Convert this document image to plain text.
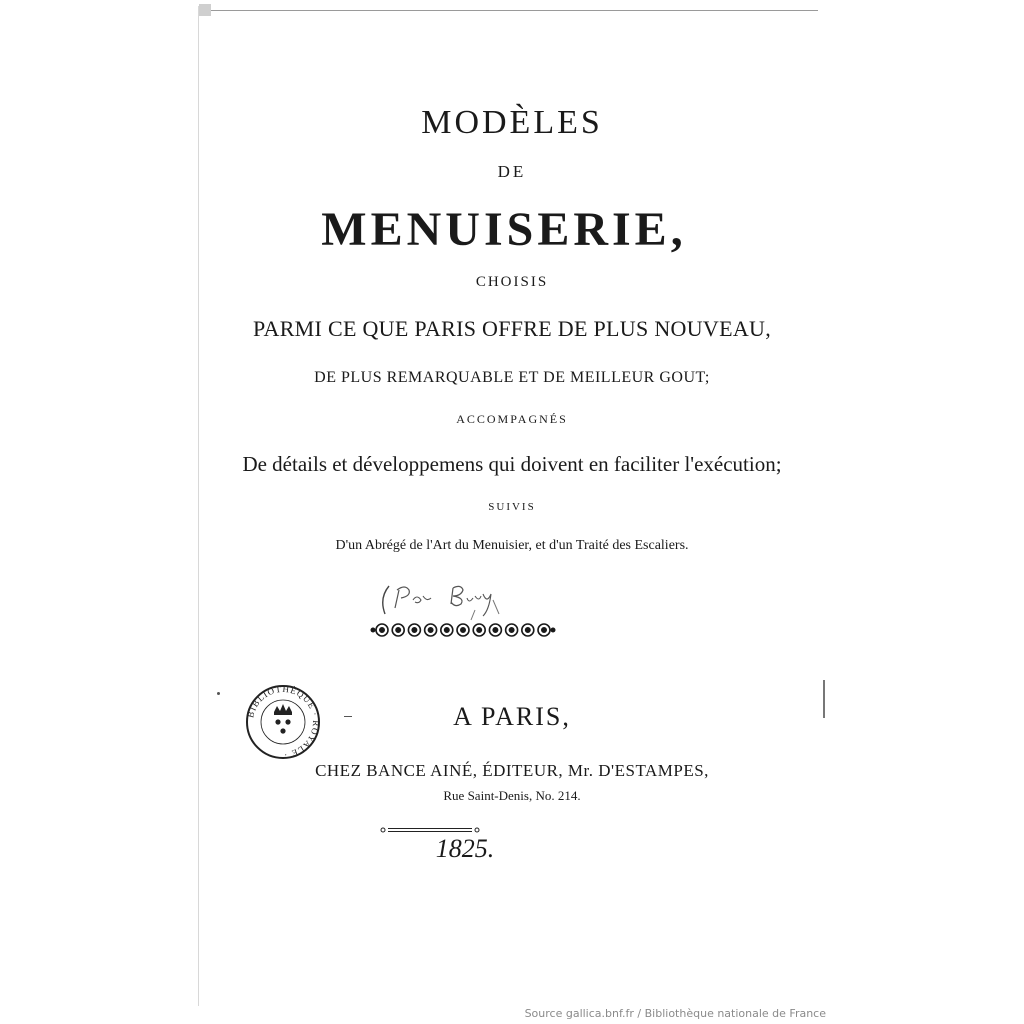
MODÈLES
DE
MENUISERIE,

CHOISIS

PARMI CE QUE PARIS OFFRE DE PLUS NOUVEAU,

DE PLUS REMARQUABLE ET DE MEILLEUR GOUT;

ACCOMPAGNÉS

De détails et développemens qui doivent en faciliter l'exécution;

SUIVIS

D'un Abrégé de l'Art du Menuisier, et d'un Traité des Escaliers.

A PARIS,
CHEZ BANCE AINÉ, ÉDITEUR, Mr. D'ESTAMPES,
Rue Saint-Denis, No. 214.
1825.
BIBLIOTHÈQUE · ROYALE ·
Source gallica.bnf.fr / Bibliothèque nationale de France
